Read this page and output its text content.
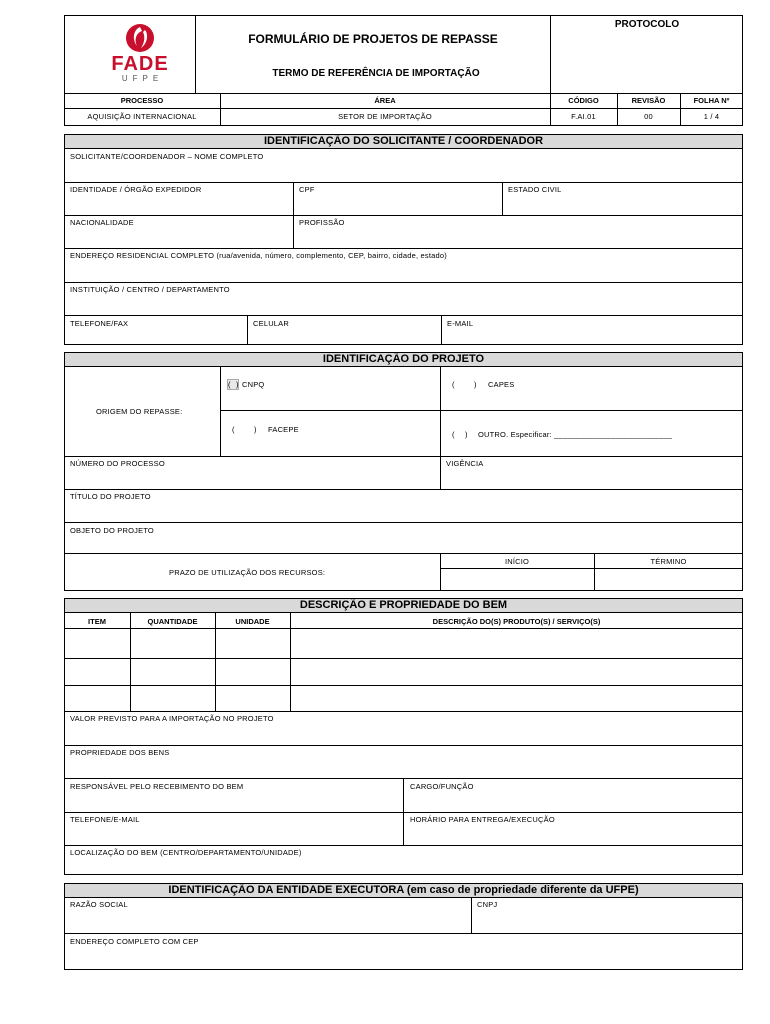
FADE
UFPE
FORMULÁRIO DE PROJETOS DE REPASSE
TERMO DE REFERÊNCIA DE IMPORTAÇÃO
PROTOCOLO
PROCESSO	ÁREA	CÓDIGO	REVISÃO	FOLHA Nº
AQUISIÇÃO INTERNACIONAL	SETOR DE IMPORTAÇÃO	F.AI.01	00	1 / 4
IDENTIFICAÇÃO DO SOLICITANTE / COORDENADOR
SOLICITANTE/COORDENADOR – NOME COMPLETO
IDENTIDADE / ÓRGÃO EXPEDIDOR	CPF	ESTADO CIVIL
NACIONALIDADE	PROFISSÃO
ENDEREÇO RESIDENCIAL COMPLETO (rua/avenida, número, complemento, CEP, bairro, cidade, estado)
INSTITUIÇÃO / CENTRO / DEPARTAMENTO
TELEFONE/FAX	CELULAR	E-MAIL
IDENTIFICAÇÃO DO PROJETO
ORIGEM DO REPASSE:
( ) CNPQ	(	) CAPES
(	) FACEPE
( ) OUTRO. Especificar: ___________________________
NÚMERO DO PROCESSO	VIGÊNCIA
TÍTULO DO PROJETO
OBJETO DO PROJETO
PRAZO DE UTILIZAÇÃO DOS RECURSOS:
INÍCIO	TÉRMINO
DESCRIÇÃO E PROPRIEDADE DO BEM
ITEM	QUANTIDADE	UNIDADE	DESCRIÇÃO DO(S) PRODUTO(S) / SERVIÇO(S)
VALOR PREVISTO PARA A IMPORTAÇÃO NO PROJETO
PROPRIEDADE DOS BENS
RESPONSÁVEL PELO RECEBIMENTO DO BEM	CARGO/FUNÇÃO
TELEFONE/E-MAIL	HORÁRIO PARA ENTREGA/EXECUÇÃO
LOCALIZAÇÃO DO BEM (CENTRO/DEPARTAMENTO/UNIDADE)
IDENTIFICAÇÃO DA ENTIDADE EXECUTORA (em caso de propriedade diferente da UFPE)
RAZÃO SOCIAL	CNPJ
ENDEREÇO COMPLETO COM CEP
